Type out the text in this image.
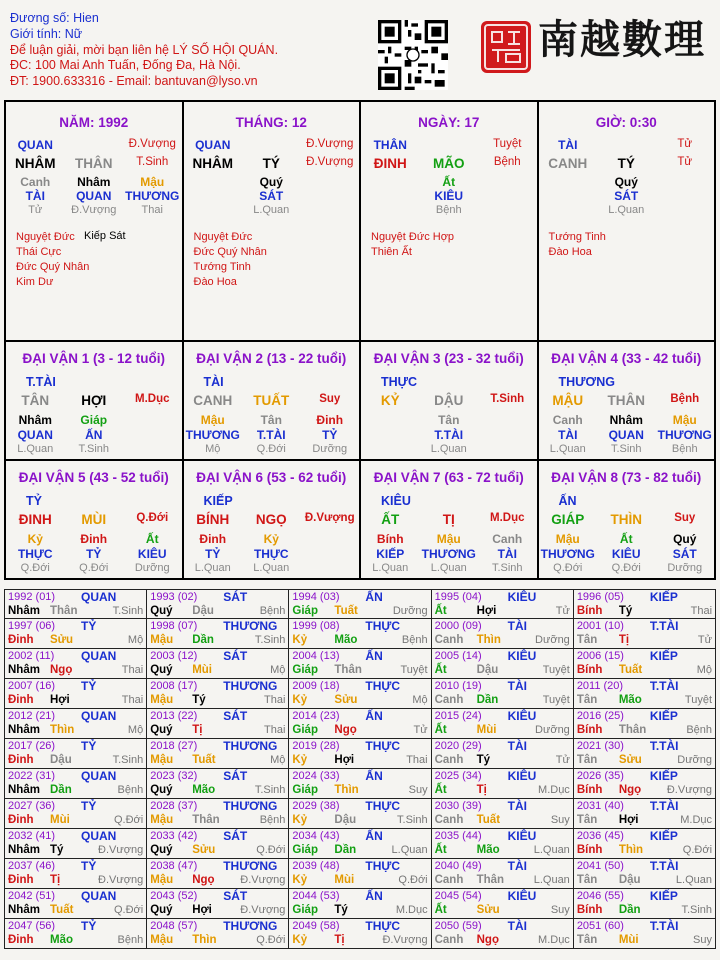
Đương số: Hien
Giới tính: Nữ
Để luận giải, mời bạn liên hệ LÝ SỐ HỘI QUÁN.
ĐC: 100 Mai Anh Tuấn, Đống Đa, Hà Nội.
ĐT: 1900.633316 - Email: bantuvan@lyso.vn
南越數理
NĂM: 1992
QUAN	Đ.Vượng
NHÂM	THÂN	T.Sinh
Canh
TÀI
Tử
Nhâm
QUAN
Đ.Vượng
Mậu
THƯƠNG
Thai
Nguyệt Đức
Thái Cực
Đức Quý Nhân
Kim Dư
Kiếp Sát
THÁNG: 12
QUAN	Đ.Vượng
NHÂM	TÝ	Đ.Vượng
Quý
SÁT
L.Quan
Nguyệt Đức
Đức Quý Nhân
Tướng Tinh
Đào Hoa
NGÀY: 17
THÂN	Tuyệt
ĐINH	MÃO	Bệnh
Ất
KIÊU
Bệnh
Nguyệt Đức Hợp
Thiên Ất
GIỜ: 0:30
TÀI	Tử
CANH	TÝ	Tử
Quý
SÁT
L.Quan
Tướng Tinh
Đào Hoa
ĐẠI VẬN 1 (3 - 12 tuổi)
T.TÀI
TÂN	HỢI	M.Dục
Nhâm
QUAN
L.Quan
Giáp
ẤN
T.Sinh
ĐẠI VẬN 2 (13 - 22 tuổi)
TÀI
CANH	TUẤT	Suy
Mậu
THƯƠNG
Mộ
Tân
T.TÀI
Q.Đới
Đinh
TỶ
Dưỡng
ĐẠI VẬN 3 (23 - 32 tuổi)
THỰC
KỶ	DẬU	T.Sinh
Tân
T.TÀI
L.Quan
ĐẠI VẬN 4 (33 - 42 tuổi)
THƯƠNG
MẬU	THÂN	Bệnh
Canh
TÀI
L.Quan
Nhâm
QUAN
T.Sinh
Mậu
THƯƠNG
Bệnh
ĐẠI VẬN 5 (43 - 52 tuổi)
TỶ
ĐINH	MÙI	Q.Đới
Kỷ
THỰC
Q.Đới
Đinh
TỶ
Q.Đới
Ất
KIÊU
Dưỡng
ĐẠI VẬN 6 (53 - 62 tuổi)
KIẾP
BÍNH	NGỌ	Đ.Vượng
Đinh
TỶ
L.Quan
Kỷ
THỰC
L.Quan
ĐẠI VẬN 7 (63 - 72 tuổi)
KIÊU
ẤT	TỊ	M.Dục
Bính
KIẾP
L.Quan
Mậu
THƯƠNG
L.Quan
Canh
TÀI
T.Sinh
ĐẠI VẬN 8 (73 - 82 tuổi)
ẤN
GIÁP	THÌN	Suy
Mậu
THƯƠNG
Q.Đới
Ất
KIÊU
Q.Đới
Quý
SÁT
Dưỡng
1992 (01) QUAN
Nhâm Thân	T.Sinh
1993 (02) SÁT
Quý Dậu	Bệnh
1994 (03) ẤN
Giáp Tuất	Dưỡng
1995 (04) KIÊU
Ất	Hợi	Tử
1996 (05) KIẾP
Bính Tý	Thai
1997 (06) TỶ
Đinh Sửu	Mộ
1998 (07) THƯƠNG
Mậu Dần	T.Sinh
1999 (08) THỰC
Kỷ Mão	Bệnh
2000 (09) TÀI
Canh Thìn	Dưỡng
2001 (10) T.TÀI
Tân Tị	Tử
2002 (11) QUAN
Nhâm Ngọ	Thai
2003 (12) SÁT
Quý Mùi	Mộ
2004 (13) ẤN
Giáp Thân	Tuyệt
2005 (14) KIÊU
Ất	Dậu	Tuyệt
2006 (15) KIẾP
Bính Tuất	Mộ
2007 (16) TỶ
Đinh Hợi	Thai
2008 (17) THƯƠNG
Mậu Tý	Thai
2009 (18) THỰC
Kỷ Sửu	Mộ
2010 (19) TÀI
Canh Dần	Tuyệt
2011 (20) T.TÀI
Tân Mão	Tuyệt
2012 (21) QUAN
Nhâm Thìn	Mộ
2013 (22) SÁT
Quý Tị	Thai
2014 (23) ẤN
Giáp Ngọ	Tử
2015 (24) KIÊU
Ất	Mùi	Dưỡng
2016 (25) KIẾP
Bính Thân	Bệnh
2017 (26) TỶ
Đinh Dậu	T.Sinh
2018 (27) THƯƠNG
Mậu Tuất	Mộ
2019 (28) THỰC
Kỷ Hợi	Thai
2020 (29) TÀI
Canh Tý	Tử
2021 (30) T.TÀI
Tân Sửu	Dưỡng
2022 (31) QUAN
Nhâm Dần	Bệnh
2023 (32) SÁT
Quý Mão	T.Sinh
2024 (33) ẤN
Giáp Thìn	Suy
2025 (34) KIÊU
Ất	Tị	M.Dục
2026 (35) KIẾP
Bính Ngọ Đ.Vượng
2027 (36) TỶ
Đinh Mùi	Q.Đới
2028 (37) THƯƠNG
Mậu Thân	Bệnh
2029 (38) THỰC
Kỷ Dậu	T.Sinh
2030 (39) TÀI
Canh Tuất	Suy
2031 (40) T.TÀI
Tân Hợi	M.Dục
2032 (41) QUAN
Nhâm Tý	Đ.Vượng
2033 (42) SÁT
Quý Sửu	Q.Đới
2034 (43) ẤN
Giáp Dần	L.Quan
2035 (44) KIÊU
Ất	Mão	L.Quan
2036 (45) KIẾP
Bính Thìn	Q.Đới
2037 (46) TỶ
Đinh Tị	Đ.Vượng
2038 (47) THƯƠNG
Mậu Ngọ Đ.Vượng
2039 (48) THỰC
Kỷ Mùi	Q.Đới
2040 (49) TÀI
Canh Thân	L.Quan
2041 (50) T.TÀI
Tân Dậu	L.Quan
2042 (51) QUAN
Nhâm Tuất	Q.Đới
2043 (52) SÁT
Quý Hợi	Đ.Vượng
2044 (53) ẤN
Giáp Tý	M.Dục
2045 (54) KIÊU
Ất	Sửu	Suy
2046 (55) KIẾP
Bính Dần	T.Sinh
2047 (56) TỶ
Đinh Mão	Bệnh
2048 (57) THƯƠNG
Mậu Thìn	Q.Đới
2049 (58) THỰC
Kỷ Tị	Đ.Vượng
2050 (59) TÀI
Canh Ngọ	M.Dục
2051 (60) T.TÀI
Tân Mùi	Suy
